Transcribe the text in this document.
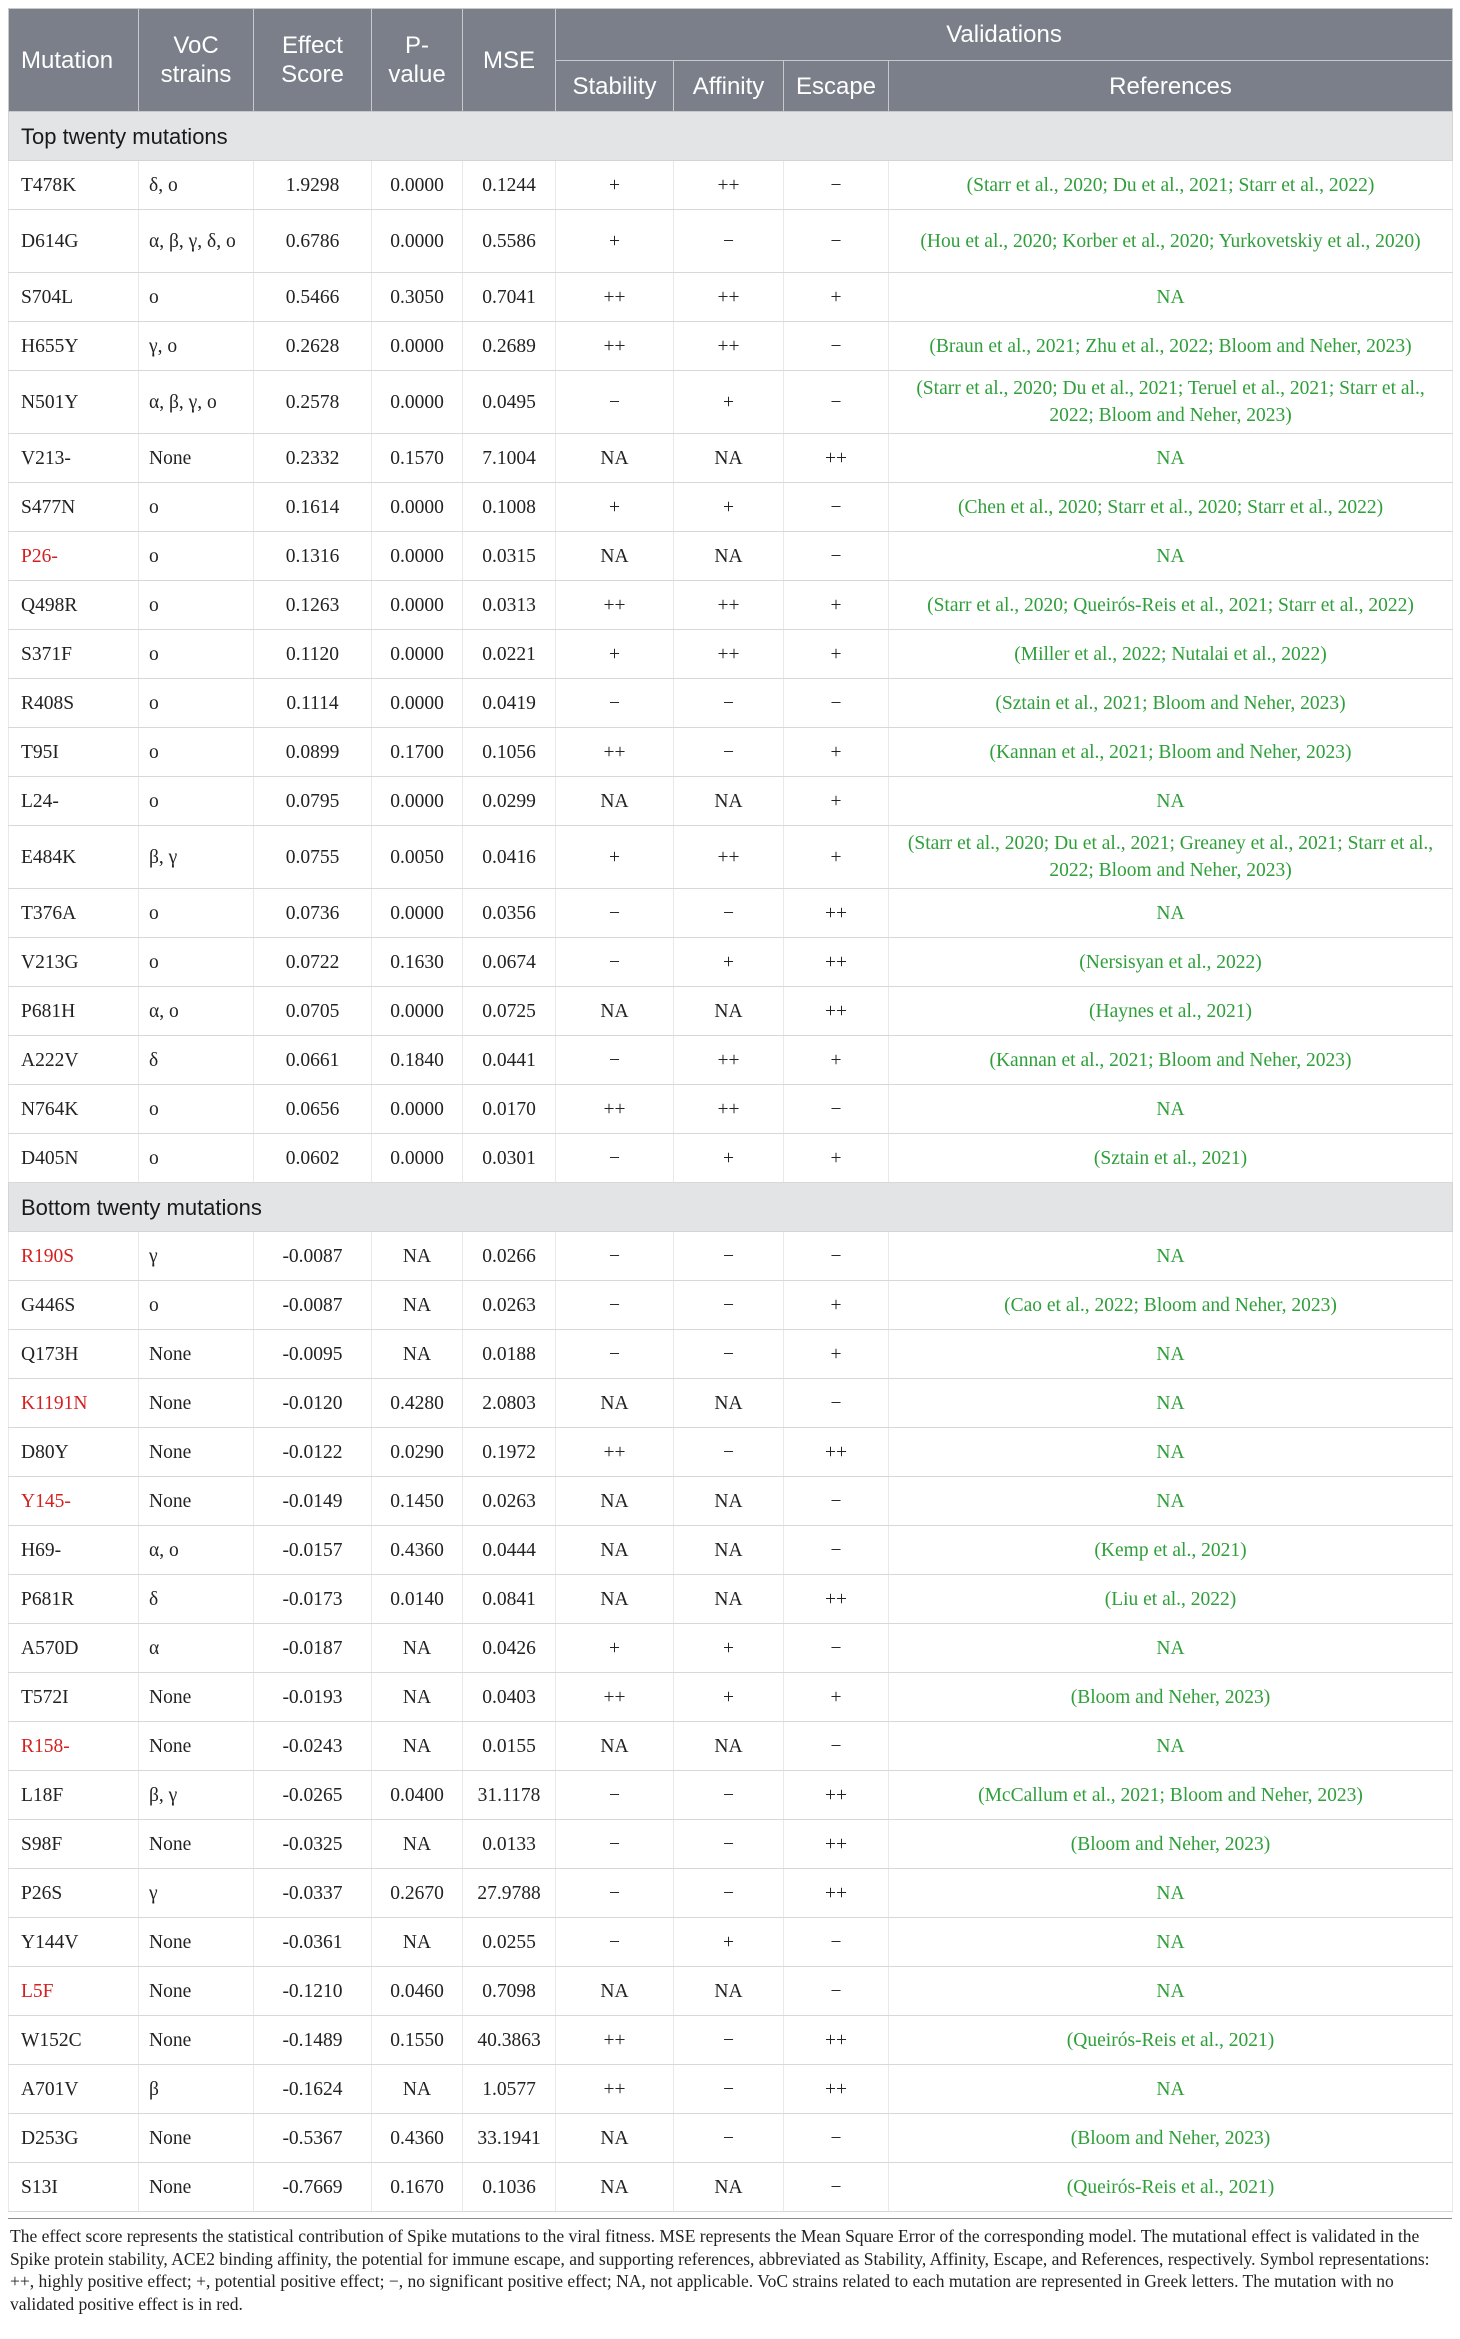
Mutation	VoC strains	Effect Score	P-value	MSE	Validations			
					Stability	Affinity	Escape	References
Top twenty mutations								
T478K	δ, o	1.9298	0.0000	0.1244	+	++	−	(Starr et al., 2020; Du et al., 2021; Starr et al., 2022)
D614G	α, β, γ, δ, o	0.6786	0.0000	0.5586	+	−	−	(Hou et al., 2020; Korber et al., 2020; Yurkovetskiy et al., 2020)
S704L	o	0.5466	0.3050	0.7041	++	++	+	NA
H655Y	γ, o	0.2628	0.0000	0.2689	++	++	−	(Braun et al., 2021; Zhu et al., 2022; Bloom and Neher, 2023)
N501Y	α, β, γ, o	0.2578	0.0000	0.0495	−	+	−	(Starr et al., 2020; Du et al., 2021; Teruel et al., 2021; Starr et al., 2022; Bloom and Neher, 2023)
V213-	None	0.2332	0.1570	7.1004	NA	NA	++	NA
S477N	o	0.1614	0.0000	0.1008	+	+	−	(Chen et al., 2020; Starr et al., 2020; Starr et al., 2022)
P26-	o	0.1316	0.0000	0.0315	NA	NA	−	NA
Q498R	o	0.1263	0.0000	0.0313	++	++	+	(Starr et al., 2020; Queirós-Reis et al., 2021; Starr et al., 2022)
S371F	o	0.1120	0.0000	0.0221	+	++	+	(Miller et al., 2022; Nutalai et al., 2022)
R408S	o	0.1114	0.0000	0.0419	−	−	−	(Sztain et al., 2021; Bloom and Neher, 2023)
T95I	o	0.0899	0.1700	0.1056	++	−	+	(Kannan et al., 2021; Bloom and Neher, 2023)
L24-	o	0.0795	0.0000	0.0299	NA	NA	+	NA
E484K	β, γ	0.0755	0.0050	0.0416	+	++	+	(Starr et al., 2020; Du et al., 2021; Greaney et al., 2021; Starr et al., 2022; Bloom and Neher, 2023)
T376A	o	0.0736	0.0000	0.0356	−	−	++	NA
V213G	o	0.0722	0.1630	0.0674	−	+	++	(Nersisyan et al., 2022)
P681H	α, o	0.0705	0.0000	0.0725	NA	NA	++	(Haynes et al., 2021)
A222V	δ	0.0661	0.1840	0.0441	−	++	+	(Kannan et al., 2021; Bloom and Neher, 2023)
N764K	o	0.0656	0.0000	0.0170	++	++	−	NA
D405N	o	0.0602	0.0000	0.0301	−	+	+	(Sztain et al., 2021)
Bottom twenty mutations								
R190S	γ	-0.0087	NA	0.0266	−	−	−	NA
G446S	o	-0.0087	NA	0.0263	−	−	+	(Cao et al., 2022; Bloom and Neher, 2023)
Q173H	None	-0.0095	NA	0.0188	−	−	+	NA
K1191N	None	-0.0120	0.4280	2.0803	NA	NA	−	NA
D80Y	None	-0.0122	0.0290	0.1972	++	−	++	NA
Y145-	None	-0.0149	0.1450	0.0263	NA	NA	−	NA
H69-	α, o	-0.0157	0.4360	0.0444	NA	NA	−	(Kemp et al., 2021)
P681R	δ	-0.0173	0.0140	0.0841	NA	NA	++	(Liu et al., 2022)
A570D	α	-0.0187	NA	0.0426	+	+	−	NA
T572I	None	-0.0193	NA	0.0403	++	+	+	(Bloom and Neher, 2023)
R158-	None	-0.0243	NA	0.0155	NA	NA	−	NA
L18F	β, γ	-0.0265	0.0400	31.1178	−	−	++	(McCallum et al., 2021; Bloom and Neher, 2023)
S98F	None	-0.0325	NA	0.0133	−	−	++	(Bloom and Neher, 2023)
P26S	γ	-0.0337	0.2670	27.9788	−	−	++	NA
Y144V	None	-0.0361	NA	0.0255	−	+	−	NA
L5F	None	-0.1210	0.0460	0.7098	NA	NA	−	NA
W152C	None	-0.1489	0.1550	40.3863	++	−	++	(Queirós-Reis et al., 2021)
A701V	β	-0.1624	NA	1.0577	++	−	++	NA
D253G	None	-0.5367	0.4360	33.1941	NA	−	−	(Bloom and Neher, 2023)
S13I	None	-0.7669	0.1670	0.1036	NA	NA	−	(Queirós-Reis et al., 2021)
The effect score represents the statistical contribution of Spike mutations to the viral fitness. MSE represents the Mean Square Error of the corresponding model. The mutational effect is validated in the Spike protein stability, ACE2 binding affinity, the potential for immune escape, and supporting references, abbreviated as Stability, Affinity, Escape, and References, respectively. Symbol representations: ++, highly positive effect; +, potential positive effect; −, no significant positive effect; NA, not applicable. VoC strains related to each mutation are represented in Greek letters. The mutation with no validated positive effect is in red.
